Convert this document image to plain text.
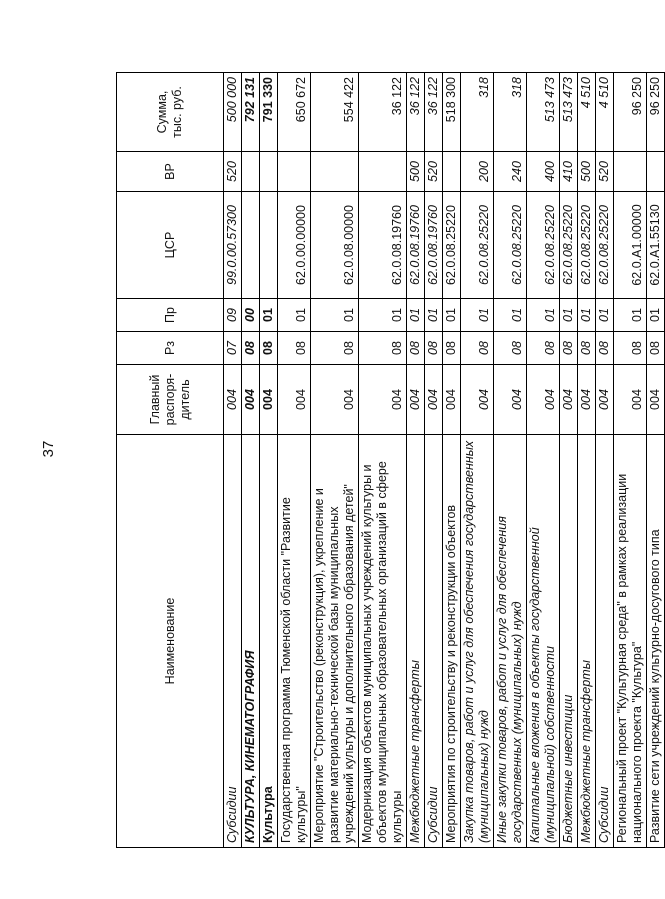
37
Наименование	Главный распоря-дитель	Рз	Пр	ЦСР	ВР	Сумма, тыс. руб.
Субсидии	004	07	09	99.0.00.57300	520	500 000
КУЛЬТУРА, КИНЕМАТОГРАФИЯ	004	08	00			792 131
Культура	004	08	01			791 330
Государственная программа Тюменской области "Развитие культуры"	004	08	01	62.0.00.00000		650 672
Мероприятие "Строительство (реконструкция), укрепление и развитие материально-технической базы муниципальных учреждений культуры и дополнительного образования детей"	004	08	01	62.0.08.00000		554 422
Модернизация объектов муниципальных учреждений культуры и объектов муниципальных образовательных организаций в сфере культуры	004	08	01	62.0.08.19760		36 122
Межбюджетные трансферты	004	08	01	62.0.08.19760	500	36 122
Субсидии	004	08	01	62.0.08.19760	520	36 122
Мероприятия по строительству и реконструкции объектов	004	08	01	62.0.08.25220		518 300
Закупка товаров, работ и услуг для обеспечения государственных (муниципальных) нужд	004	08	01	62.0.08.25220	200	318
Иные закупки товаров, работ и услуг для обеспечения государственных (муниципальных) нужд	004	08	01	62.0.08.25220	240	318
Капитальные вложения в объекты государственной (муниципальной) собственности	004	08	01	62.0.08.25220	400	513 473
Бюджетные инвестиции	004	08	01	62.0.08.25220	410	513 473
Межбюджетные трансферты	004	08	01	62.0.08.25220	500	4 510
Субсидии	004	08	01	62.0.08.25220	520	4 510
Региональный проект "Культурная среда" в рамках реализации национального проекта "Культура"	004	08	01	62.0.A1.00000		96 250
Развитие сети учреждений культурно-досугового типа	004	08	01	62.0.A1.55130		96 250
